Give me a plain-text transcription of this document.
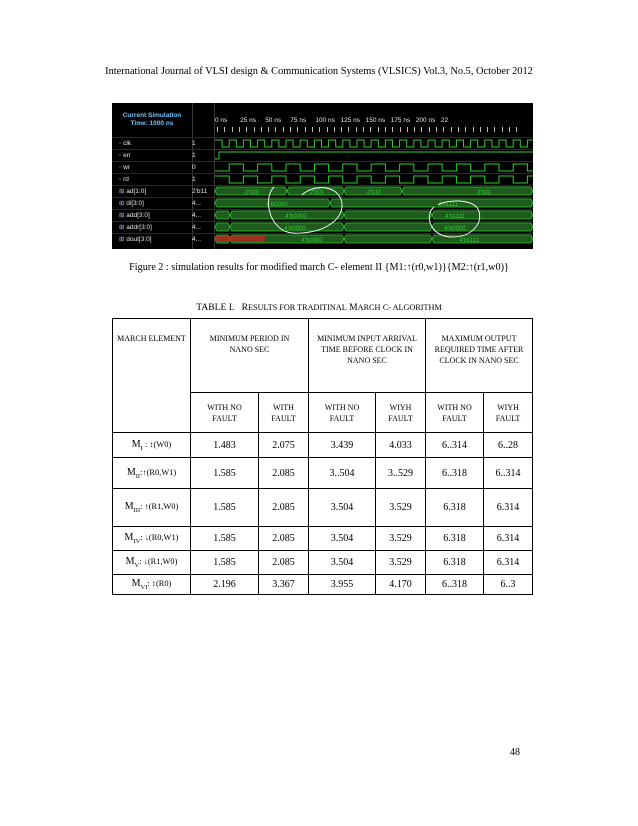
International Journal of VLSI design & Communication Systems (VLSICS) Vol.3, No.5, October 2012
Current Simulation
Time: 1000 ns	0 ns 25 ns 50 ns 75 ns 100 ns 125 ns 150 ns 175 ns 200 ns 22
◦ clk	1
◦ en	1
◦ wr	0
◦ rd	1
⊞ ad[1:0]	2'b11
⊞ di[3:0]	4...
⊞ add[3:0]	4...
⊞ addr[3:0]	4...
⊞ dout[3:0]	4...
2'b00	2'b01	2'b10	2'b11
4'b0000	4'b1111
4'b0000	4'b1111
4'b0000	4'b0000
4'b0000	4'b1111
Figure 2 : simulation results for modified march C- element II {M1:↑(r0,w1)}{M2:↑(r1,w0)}
TABLE I. RESULTS FOR TRADITINAL MARCH C- ALGORITHM
MARCH ELEMENT	MINIMUM PERIOD IN NANO SEC		MINIMUM INPUT ARRIVAL TIME BEFORE CLOCK IN NANO SEC		MAXIMUM OUTPUT REQUIRED TIME AFTER CLOCK IN NANO SEC	
	WITH NO FAULT	WITH FAULT	WITH NO FAULT	WIYH FAULT	WITH NO FAULT	WIYH FAULT
$M_I$ : ↕(W0)	1.483	2.075	3.439	4.033	6..314	6..28
$M_{II}:↑(R0,W1)$	1.585	2.085	3..504	3..529	6..318	6..314
$M_{III}$: ↑(R1,W0)	1.585	2.085	3.504	3.529	6.318	6.314
$M_{IV}$: ↓(R0,W1)	1.585	2.085	3.504	3.529	6.318	6.314
$M_V$: ↓(R1,W0)	1.585	2.085	3.504	3.529	6.318	6.314
$M_{VI}$: ↕(R0)	2.196	3.367	3.955	4.170	6..318	6..3
48
